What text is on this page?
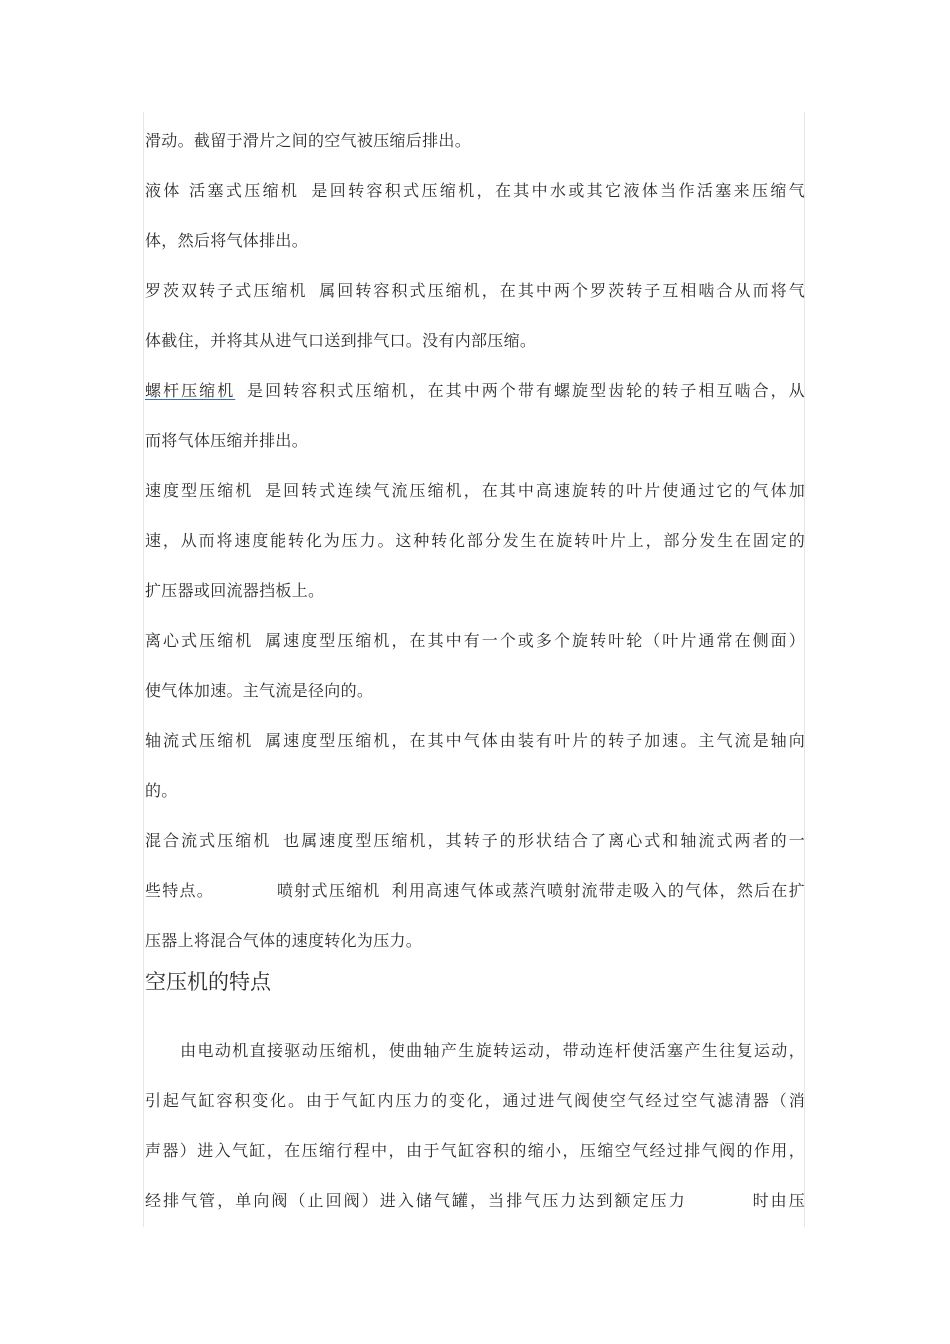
滑动。截留于滑片之间的空气被压缩后排出。
液体 活塞式压缩机 是回转容积式压缩机，在其中水或其它液体当作活塞来压缩气
体，然后将气体排出。
罗茨双转子式压缩机 属回转容积式压缩机，在其中两个罗茨转子互相啮合从而将气
体截住，并将其从进气口送到排气口。没有内部压缩。
螺杆压缩机 是回转容积式压缩机，在其中两个带有螺旋型齿轮的转子相互啮合，从
而将气体压缩并排出。
速度型压缩机 是回转式连续气流压缩机，在其中高速旋转的叶片使通过它的气体加
速，从而将速度能转化为压力。这种转化部分发生在旋转叶片上，部分发生在固定的
扩压器或回流器挡板上。
离心式压缩机 属速度型压缩机，在其中有一个或多个旋转叶轮（叶片通常在侧面）
使气体加速。主气流是径向的。
轴流式压缩机 属速度型压缩机，在其中气体由装有叶片的转子加速。主气流是轴向
的。
混合流式压缩机 也属速度型压缩机，其转子的形状结合了离心式和轴流式两者的一
些特点。	喷射式压缩机 利用高速气体或蒸汽喷射流带走吸入的气体，然后在扩
压器上将混合气体的速度转化为压力。
空压机的特点
由电动机直接驱动压缩机，使曲轴产生旋转运动，带动连杆使活塞产生往复运动，
引起气缸容积变化。由于气缸内压力的变化，通过进气阀使空气经过空气滤清器（消
声器）进入气缸，在压缩行程中，由于气缸容积的缩小，压缩空气经过排气阀的作用，
经排气管，单向阀（止回阀）进入储气罐，当排气压力达到额定压力	时由压
